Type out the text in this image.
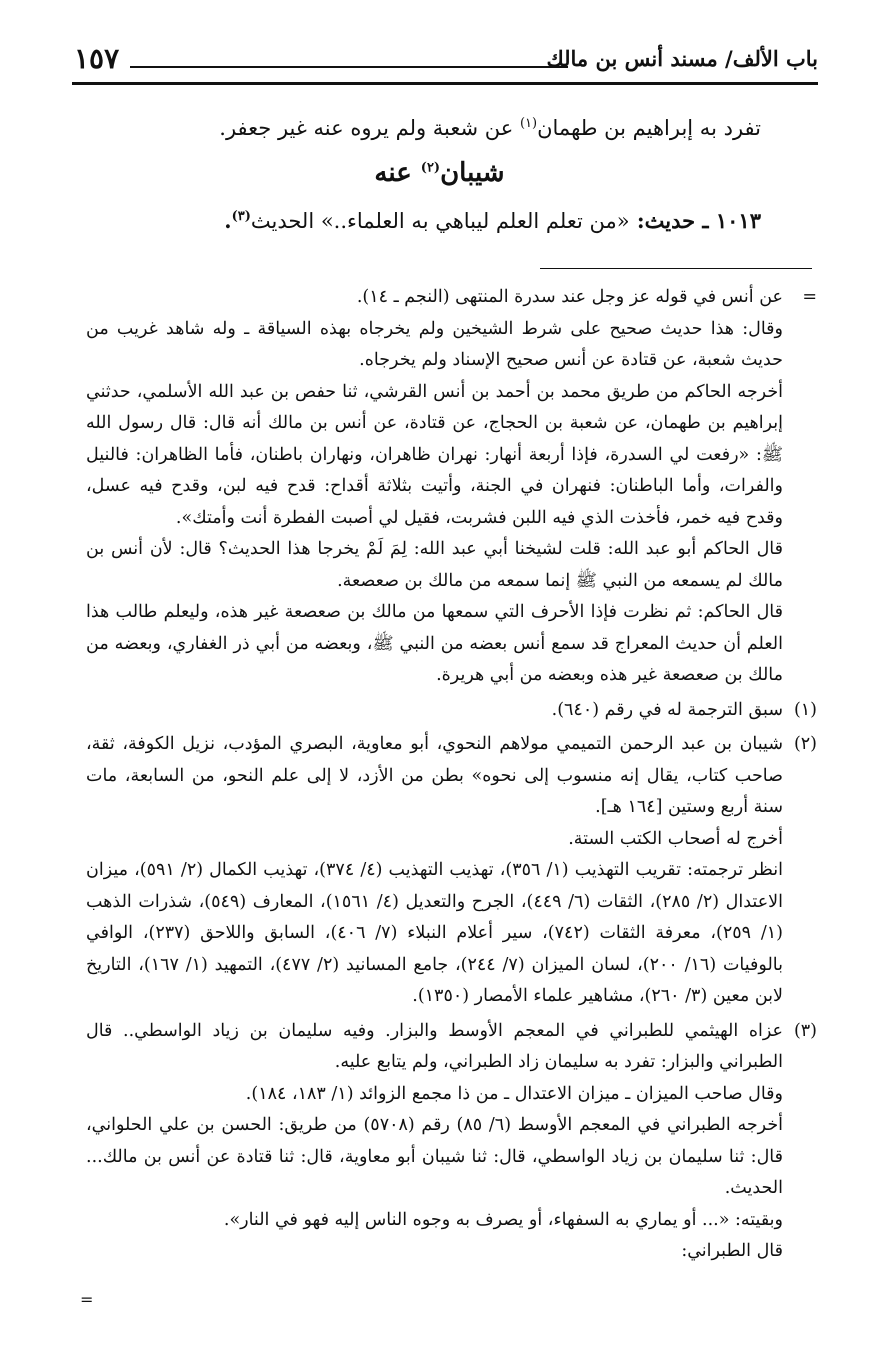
١٥٧	باب الألف/ مسند أنس بن مالك
تفرد به إبراهيم بن طهمان$^{(١)}$ عن شعبة ولم يروه عنه غير جعفر.
شيبان$^{(٢)}$ عنه
١٠١٣ ـ حديث: «من تعلم العلم ليباهي به العلماء..» الحديث$^{(٣)}$.
=

عن أنس في قوله عز وجل عند سدرة المنتهى (النجم ـ ١٤).

وقال: هذا حديث صحيح على شرط الشيخين ولم يخرجاه بهذه السياقة ـ وله شاهد غريب من حديث شعبة، عن قتادة عن أنس صحيح الإسناد ولم يخرجاه.

أخرجه الحاكم من طريق محمد بن أحمد بن أنس القرشي، ثنا حفص بن عبد الله الأسلمي، حدثني إبراهيم بن طهمان، عن شعبة بن الحجاج، عن قتادة، عن أنس بن مالك أنه قال: قال رسول الله ﷺ: «رفعت لي السدرة، فإذا أربعة أنهار: نهران ظاهران، ونهاران باطنان، فأما الظاهران: فالنيل والفرات، وأما الباطنان: فنهران في الجنة، وأتيت بثلاثة أقداح: قدح فيه لبن، وقدح فيه عسل، وقدح فيه خمر، فأخذت الذي فيه اللبن فشربت، فقيل لي أصبت الفطرة أنت وأمتك».

قال الحاكم أبو عبد الله: قلت لشيخنا أبي عبد الله: لِمَ لَمْ يخرجا هذا الحديث؟ قال: لأن أنس بن مالك لم يسمعه من النبي ﷺ إنما سمعه من مالك بن صعصعة.

قال الحاكم: ثم نظرت فإذا الأحرف التي سمعها من مالك بن صعصعة غير هذه، وليعلم طالب هذا العلم أن حديث المعراج قد سمع أنس بعضه من النبي ﷺ، وبعضه من أبي ذر الغفاري، وبعضه من مالك بن صعصعة غير هذه وبعضه من أبي هريرة.

(١)

سبق الترجمة له في رقم (٦٤٠).

(٢)

شيبان بن عبد الرحمن التميمي مولاهم النحوي، أبو معاوية، البصري المؤدب، نزيل الكوفة، ثقة، صاحب كتاب، يقال إنه منسوب إلى نحوه» بطن من الأزد، لا إلى علم النحو، من السابعة، مات سنة أربع وستين [١٦٤ هـ].

أخرج له أصحاب الكتب الستة.

انظر ترجمته: تقريب التهذيب (١/ ٣٥٦)، تهذيب التهذيب (٤/ ٣٧٤)، تهذيب الكمال (٢/ ٥٩١)، ميزان الاعتدال (٢/ ٢٨٥)، الثقات (٦/ ٤٤٩)، الجرح والتعديل (٤/ ١٥٦١)، المعارف (٥٤٩)، شذرات الذهب (١/ ٢٥٩)، معرفة الثقات (٧٤٢)، سير أعلام النبلاء (٧/ ٤٠٦)، السابق واللاحق (٢٣٧)، الوافي بالوفيات (١٦/ ٢٠٠)، لسان الميزان (٧/ ٢٤٤)، جامع المسانيد (٢/ ٤٧٧)، التمهيد (١/ ١٦٧)، التاريخ لابن معين (٣/ ٢٦٠)، مشاهير علماء الأمصار (١٣٥٠).

(٣)

عزاه الهيثمي للطبراني في المعجم الأوسط والبزار. وفيه سليمان بن زياد الواسطي.. قال الطبراني والبزار: تفرد به سليمان زاد الطبراني، ولم يتابع عليه.

وقال صاحب الميزان ـ ميزان الاعتدال ـ من ذا مجمع الزوائد (١/ ١٨٣، ١٨٤).

أخرجه الطبراني في المعجم الأوسط (٦/ ٨٥) رقم (٥٧٠٨) من طريق: الحسن بن علي الحلواني، قال: ثنا سليمان بن زياد الواسطي، قال: ثنا شيبان أبو معاوية، قال: ثنا قتادة عن أنس بن مالك... الحديث.

وبقيته: «... أو يماري به السفهاء، أو يصرف به وجوه الناس إليه فهو في النار».

قال الطبراني:

=
